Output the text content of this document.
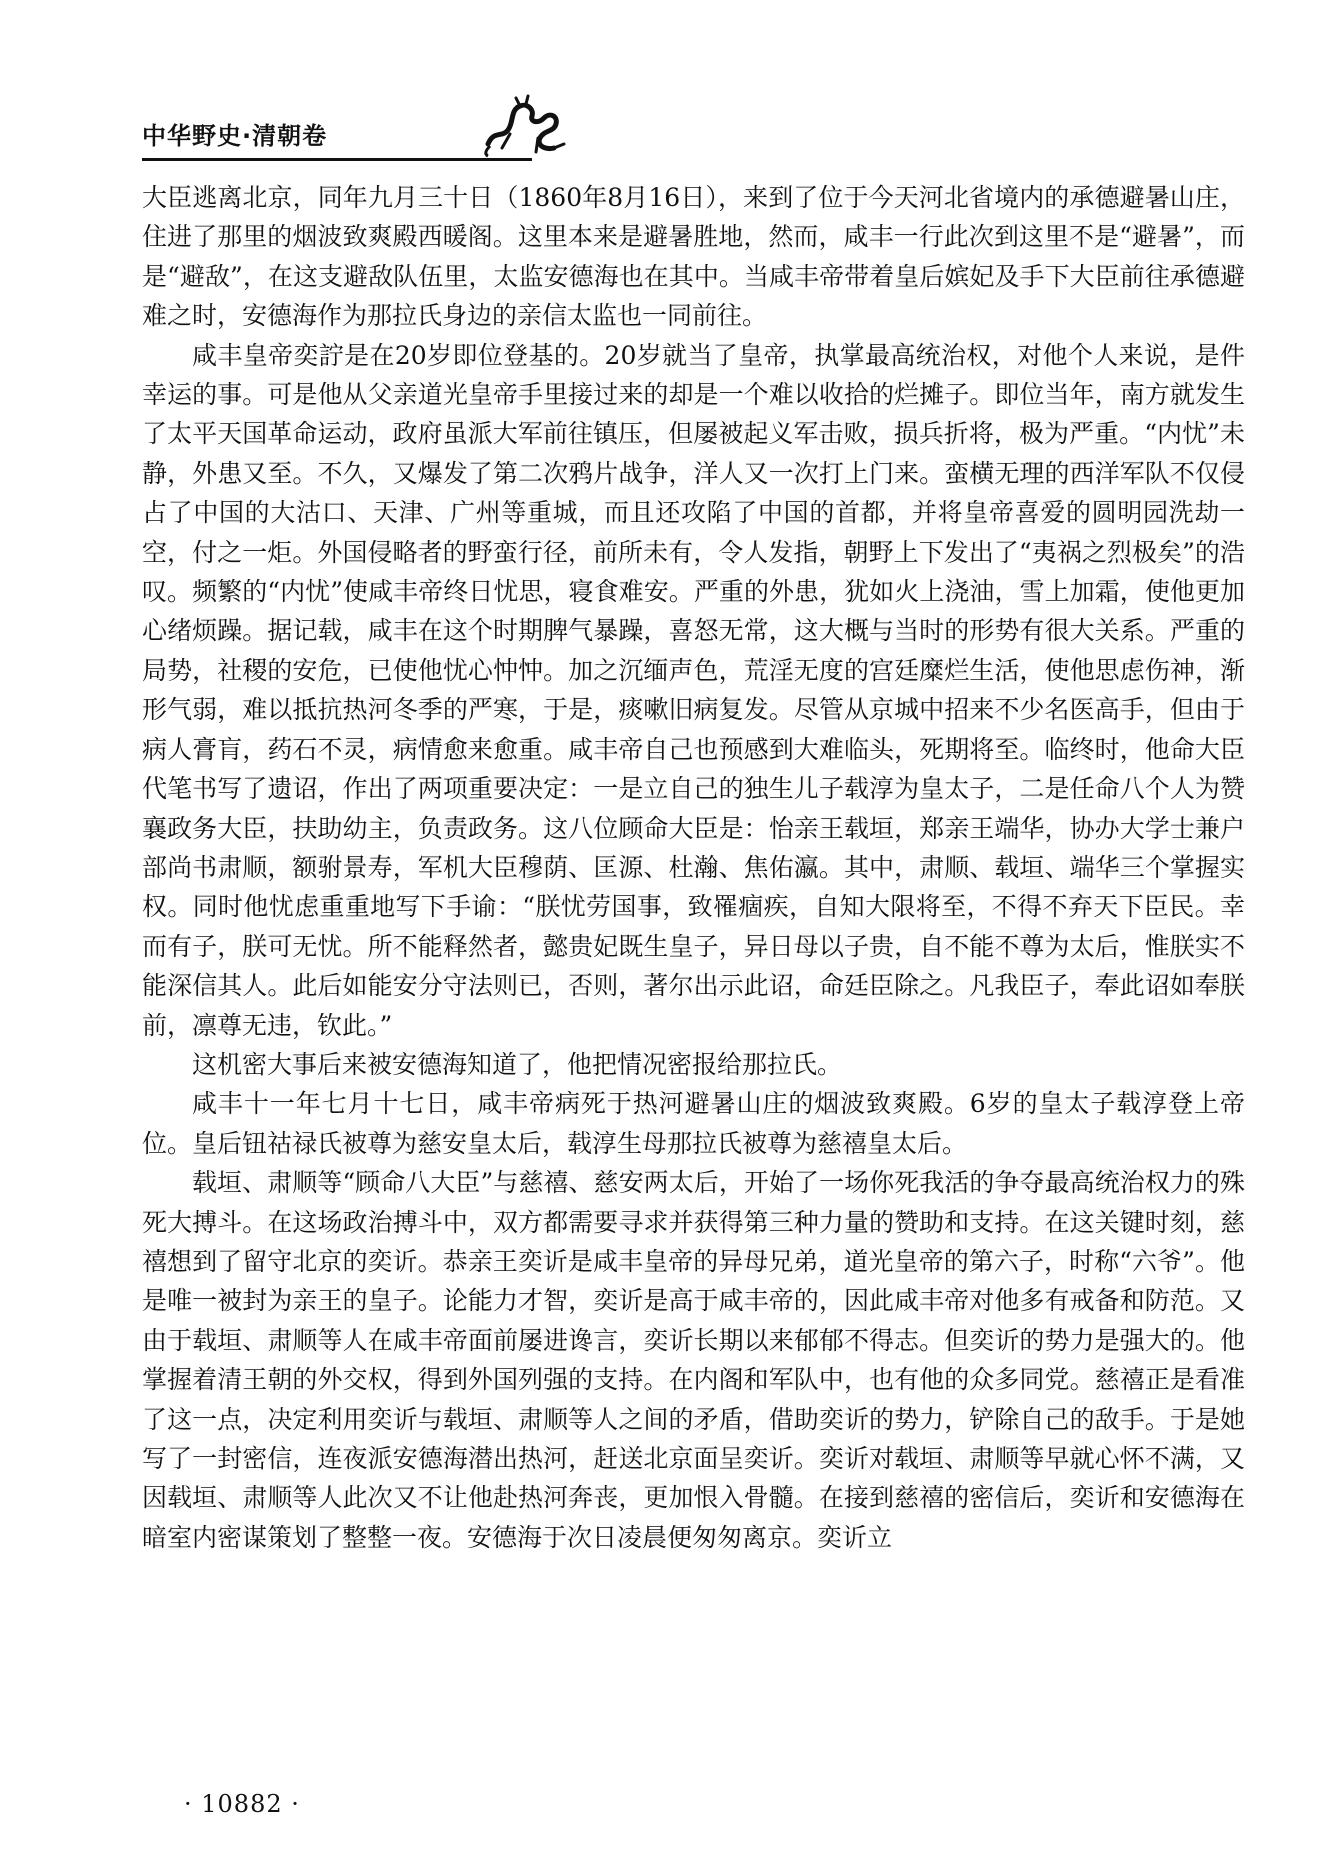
中华野史·清朝卷

大臣逃离北京，同年九月三十日（1860年8月16日），来到了位于今天河北省境内的承德避暑山庄，住进了那里的烟波致爽殿西暖阁。这里本来是避暑胜地，然而，咸丰一行此次到这里不是“避暑”，而是“避敌”，在这支避敌队伍里，太监安德海也在其中。当咸丰帝带着皇后嫔妃及手下大臣前往承德避难之时，安德海作为那拉氏身边的亲信太监也一同前往。

咸丰皇帝奕詝是在20岁即位登基的。20岁就当了皇帝，执掌最高统治权，对他个人来说，是件幸运的事。可是他从父亲道光皇帝手里接过来的却是一个难以收拾的烂摊子。即位当年，南方就发生了太平天国革命运动，政府虽派大军前往镇压，但屡被起义军击败，损兵折将，极为严重。“内忧”未静，外患又至。不久，又爆发了第二次鸦片战争，洋人又一次打上门来。蛮横无理的西洋军队不仅侵占了中国的大沽口、天津、广州等重城，而且还攻陷了中国的首都，并将皇帝喜爱的圆明园洗劫一空，付之一炬。外国侵略者的野蛮行径，前所未有，令人发指，朝野上下发出了“夷祸之烈极矣”的浩叹。频繁的“内忧”使咸丰帝终日忧思，寝食难安。严重的外患，犹如火上浇油，雪上加霜，使他更加心绪烦躁。据记载，咸丰在这个时期脾气暴躁，喜怒无常，这大概与当时的形势有很大关系。严重的局势，社稷的安危，已使他忧心忡忡。加之沉缅声色，荒淫无度的宫廷糜烂生活，使他思虑伤神，渐形气弱，难以抵抗热河冬季的严寒，于是，痰嗽旧病复发。尽管从京城中招来不少名医高手，但由于病人膏肓，药石不灵，病情愈来愈重。咸丰帝自己也预感到大难临头，死期将至。临终时，他命大臣代笔书写了遗诏，作出了两项重要决定：一是立自己的独生儿子载淳为皇太子，二是任命八个人为赞襄政务大臣，扶助幼主，负责政务。这八位顾命大臣是：怡亲王载垣，郑亲王端华，协办大学士兼户部尚书肃顺，额驸景寿，军机大臣穆荫、匡源、杜瀚、焦佑瀛。其中，肃顺、载垣、端华三个掌握实权。同时他忧虑重重地写下手谕：“朕忧劳国事，致罹痼疾，自知大限将至，不得不弃天下臣民。幸而有子，朕可无忧。所不能释然者，懿贵妃既生皇子，异日母以子贵，自不能不尊为太后，惟朕实不能深信其人。此后如能安分守法则已，否则，著尔出示此诏，命廷臣除之。凡我臣子，奉此诏如奉朕前，凛尊无违，钦此。”

这机密大事后来被安德海知道了，他把情况密报给那拉氏。

咸丰十一年七月十七日，咸丰帝病死于热河避暑山庄的烟波致爽殿。6岁的皇太子载淳登上帝位。皇后钮祜禄氏被尊为慈安皇太后，载淳生母那拉氏被尊为慈禧皇太后。

载垣、肃顺等“顾命八大臣”与慈禧、慈安两太后，开始了一场你死我活的争夺最高统治权力的殊死大搏斗。在这场政治搏斗中，双方都需要寻求并获得第三种力量的赞助和支持。在这关键时刻，慈禧想到了留守北京的奕䜣。恭亲王奕䜣是咸丰皇帝的异母兄弟，道光皇帝的第六子，时称“六爷”。他是唯一被封为亲王的皇子。论能力才智，奕䜣是高于咸丰帝的，因此咸丰帝对他多有戒备和防范。又由于载垣、肃顺等人在咸丰帝面前屡进谗言，奕䜣长期以来郁郁不得志。但奕䜣的势力是强大的。他掌握着清王朝的外交权，得到外国列强的支持。在内阁和军队中，也有他的众多同党。慈禧正是看准了这一点，决定利用奕䜣与载垣、肃顺等人之间的矛盾，借助奕䜣的势力，铲除自己的敌手。于是她写了一封密信，连夜派安德海潜出热河，赶送北京面呈奕䜣。奕䜣对载垣、肃顺等早就心怀不满，又因载垣、肃顺等人此次又不让他赴热河奔丧，更加恨入骨髓。在接到慈禧的密信后，奕䜣和安德海在暗室内密谋策划了整整一夜。安德海于次日凌晨便匆匆离京。奕䜣立

· 10882 ·
